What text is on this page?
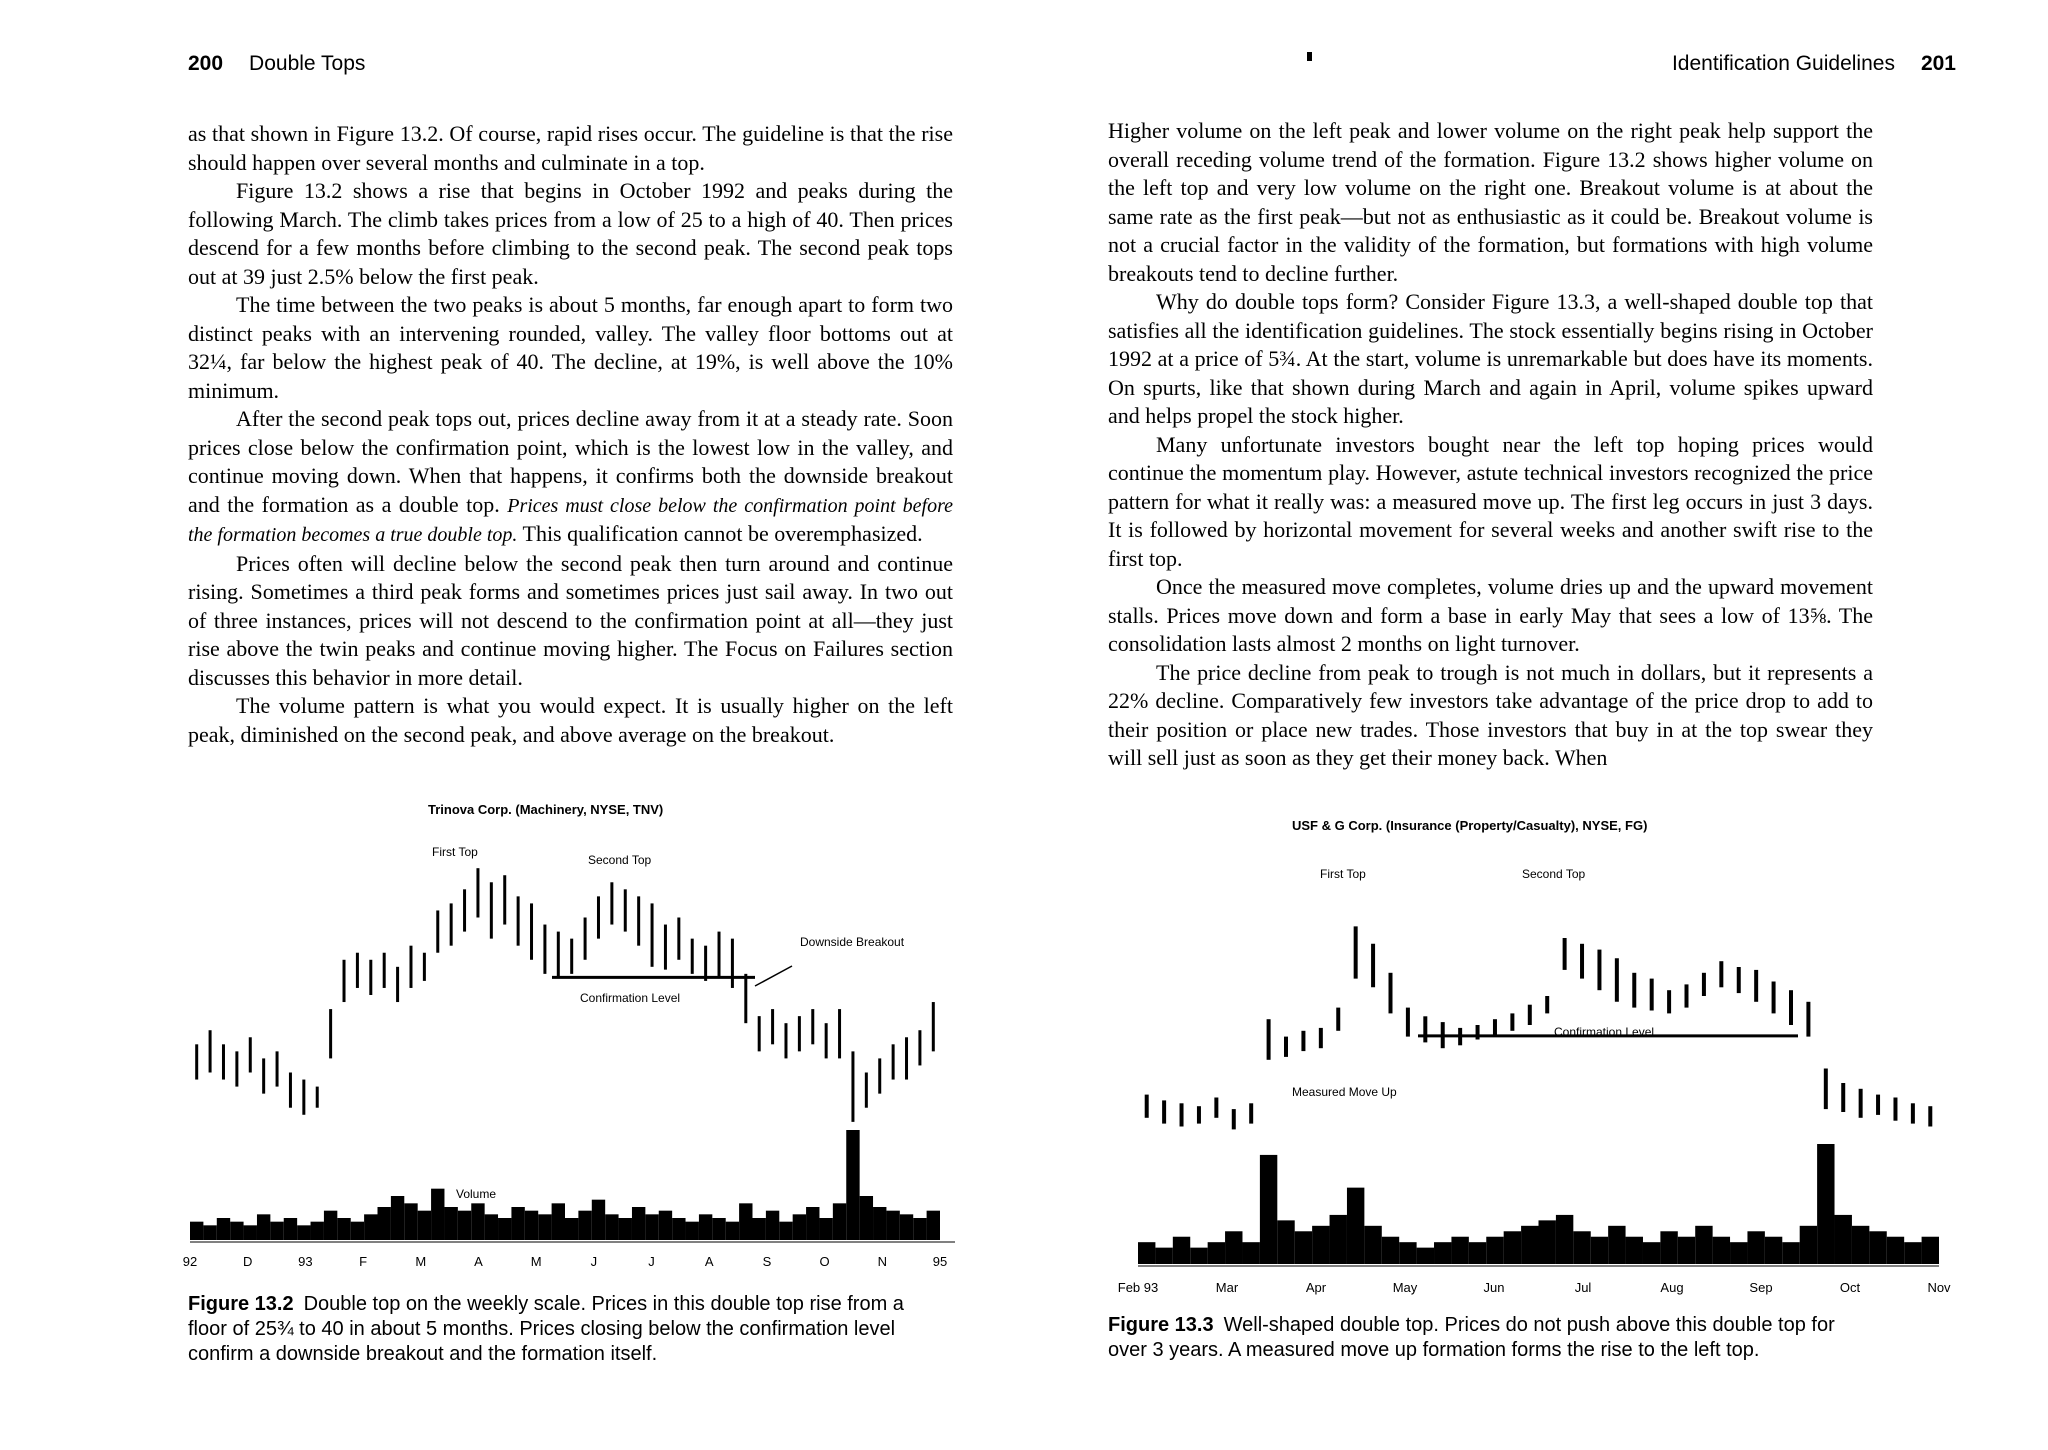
200 Double Tops

as that shown in Figure 13.2. Of course, rapid rises occur. The guideline is that the rise should happen over several months and culminate in a top.

Figure 13.2 shows a rise that begins in October 1992 and peaks during the following March. The climb takes prices from a low of 25 to a high of 40. Then prices descend for a few months before climbing to the second peak. The second peak tops out at 39 just 2.5% below the first peak.

The time between the two peaks is about 5 months, far enough apart to form two distinct peaks with an intervening rounded, valley. The valley floor bottoms out at 32¼, far below the highest peak of 40. The decline, at 19%, is well above the 10% minimum.

After the second peak tops out, prices decline away from it at a steady rate. Soon prices close below the confirmation point, which is the lowest low in the valley, and continue moving down. When that happens, it confirms both the downside breakout and the formation as a double top. Prices must close below the confirmation point before the formation becomes a true double top. This qualification cannot be overemphasized.

Prices often will decline below the second peak then turn around and continue rising. Sometimes a third peak forms and sometimes prices just sail away. In two out of three instances, prices will not descend to the confirmation point at all—they just rise above the twin peaks and continue moving higher. The Focus on Failures section discusses this behavior in more detail.

The volume pattern is what you would expect. It is usually higher on the left peak, diminished on the second peak, and above average on the breakout.

Trinova Corp. (Machinery, NYSE, TNV)
First Top
Second Top
Confirmation Level
Downside Breakout
Volume
92	D	93	F	M	A	M	J	J	A	S	O	N	95
Figure 13.2 Double top on the weekly scale. Prices in this double top rise from a floor of 25¾ to 40 in about 5 months. Prices closing below the confirmation level confirm a downside breakout and the formation itself.
Identification Guidelines 201

Higher volume on the left peak and lower volume on the right peak help support the overall receding volume trend of the formation. Figure 13.2 shows higher volume on the left top and very low volume on the right one. Breakout volume is at about the same rate as the first peak—but not as enthusiastic as it could be. Breakout volume is not a crucial factor in the validity of the formation, but formations with high volume breakouts tend to decline further.

Why do double tops form? Consider Figure 13.3, a well-shaped double top that satisfies all the identification guidelines. The stock essentially begins rising in October 1992 at a price of 5¾. At the start, volume is unremarkable but does have its moments. On spurts, like that shown during March and again in April, volume spikes upward and helps propel the stock higher.

Many unfortunate investors bought near the left top hoping prices would continue the momentum play. However, astute technical investors recognized the price pattern for what it really was: a measured move up. The first leg occurs in just 3 days. It is followed by horizontal movement for several weeks and another swift rise to the first top.

Once the measured move completes, volume dries up and the upward movement stalls. Prices move down and form a base in early May that sees a low of 13⅝. The consolidation lasts almost 2 months on light turnover.

The price decline from peak to trough is not much in dollars, but it represents a 22% decline. Comparatively few investors take advantage of the price drop to add to their position or place new trades. Those investors that buy in at the top swear they will sell just as soon as they get their money back. When

USF & G Corp. (Insurance (Property/Casualty), NYSE, FG)
First Top	Second Top
Confirmation Level
Measured Move Up
Feb 93	Mar	Apr	May	Jun	Jul	Aug	Sep	Oct	Nov
Figure 13.3 Well-shaped double top. Prices do not push above this double top for over 3 years. A measured move up formation forms the rise to the left top.
